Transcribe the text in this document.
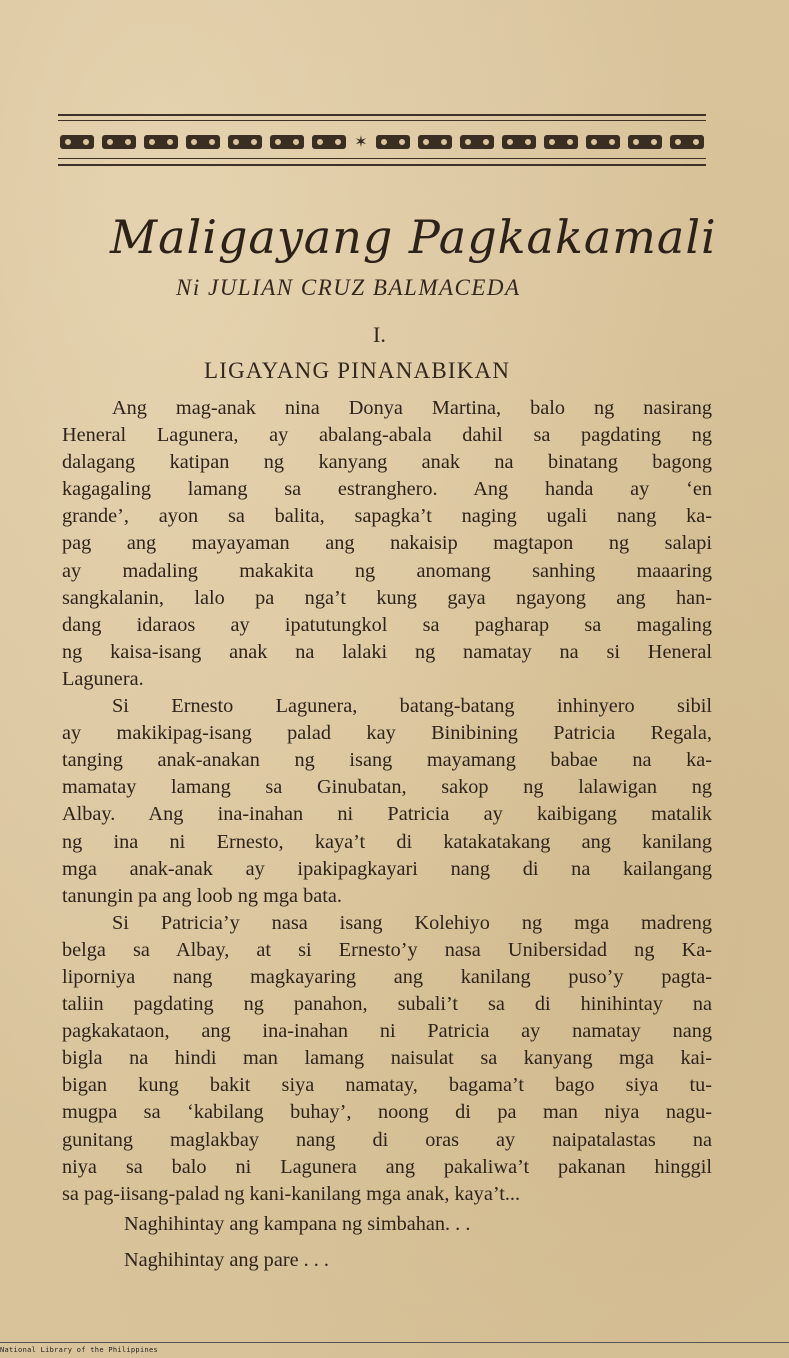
✶
Maligayang Pagkakamali
Ni JULIAN CRUZ BALMACEDA
I.
LIGAYANG PINANABIKAN

Ang mag-anak nina Donya Martina, balo ng nasirang
Heneral Lagunera, ay abalang-abala dahil sa pagdating ng
dalagang katipan ng kanyang anak na binatang bagong
kagagaling lamang sa estranghero. Ang handa ay ‘en
grande’, ayon sa balita, sapagka’t naging ugali nang ka-
pag ang mayayaman ang nakaisip magtapon ng salapi
ay madaling makakita ng anomang sanhing maaaring
sangkalanin, lalo pa nga’t kung gaya ngayong ang han-
dang idaraos ay ipatutungkol sa pagharap sa magaling
ng kaisa-isang anak na lalaki ng namatay na si Heneral
Lagunera.

Si Ernesto Lagunera, batang-batang inhinyero sibil
ay makikipag-isang palad kay Binibining Patricia Regala,
tanging anak-anakan ng isang mayamang babae na ka-
mamatay lamang sa Ginubatan, sakop ng lalawigan ng
Albay. Ang ina-inahan ni Patricia ay kaibigang matalik
ng ina ni Ernesto, kaya’t di katakatakang ang kanilang
mga anak-anak ay ipakipagkayari nang di na kailangang
tanungin pa ang loob ng mga bata.

Si Patricia’y nasa isang Kolehiyo ng mga madreng
belga sa Albay, at si Ernesto’y nasa Unibersidad ng Ka-
liporniya nang magkayaring ang kanilang puso’y pagta-
taliin pagdating ng panahon, subali’t sa di hinihintay na
pagkakataon, ang ina-inahan ni Patricia ay namatay nang
bigla na hindi man lamang naisulat sa kanyang mga kai-
bigan kung bakit siya namatay, bagama’t bago siya tu-
mugpa sa ‘kabilang buhay’, noong di pa man niya nagu-
gunitang maglakbay nang di oras ay naipatalastas na
niya sa balo ni Lagunera ang pakaliwa’t pakanan hinggil
sa pag-iisang-palad ng kani-kanilang mga anak, kaya’t...

Naghihintay ang kampana ng simbahan. . .
Naghihintay ang pare . . .
National Library of the Philippines
